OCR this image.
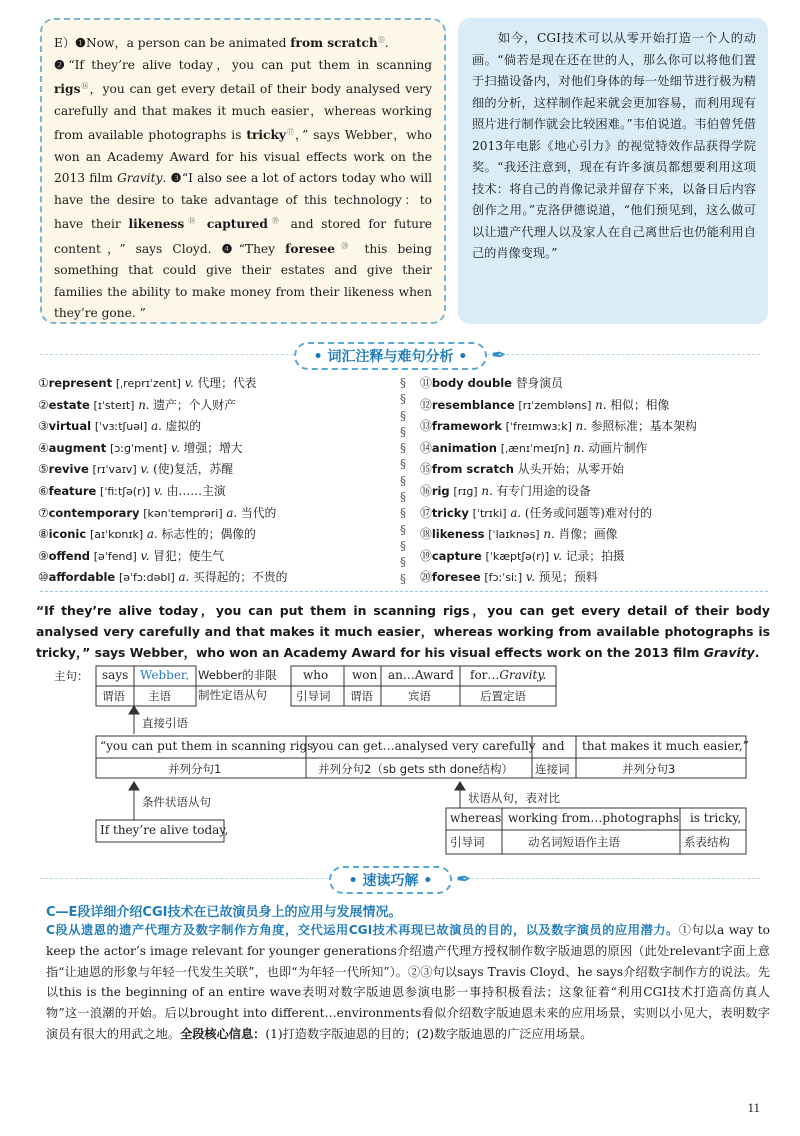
E）❶Now，a person can be animated from scratch⑮.
❷“If they’re alive today，you can put them in scanning rigs⑯，you can get every detail of their body analysed very carefully and that makes it much easier，whereas working from available photographs is tricky⑰，” says Webber，who won an Academy Award for his visual effects work on the 2013 film Gravity. ❸“I also see a lot of actors today who will have the desire to take advantage of this technology：to have their likeness⑱ captured⑲ and stored for future content，” says Cloyd. ❹“They foresee⑳ this being something that could give their estates and give their families the ability to make money from their likeness when they’re gone. ”
　　如今，CGI技术可以从零开始打造一个人的动画。“倘若是现在还在世的人，那么你可以将他们置于扫描设备内，对他们身体的每一处细节进行极为精细的分析，这样制作起来就会更加容易，而利用现有照片进行制作就会比较困难。”韦伯说道。韦伯曾凭借2013年电影《地心引力》的视觉特效作品获得学院奖。“我还注意到，现在有许多演员都想要利用这项技术：将自己的肖像记录并留存下来，以备日后内容创作之用。”克洛伊德说道，“他们预见到，这么做可以让遗产代理人以及家人在自己离世后也仍能利用自己的肖像变现。”
• 词汇注释与难句分析 • ✒
①represent [ˌreprɪˈzent] v. 代理；代表
②estate [ɪˈsteɪt] n. 遗产；个人财产
③virtual [ˈvɜːtʃuəl] a. 虚拟的
④augment [ɔːɡˈment] v. 增强；增大
⑤revive [rɪˈvaɪv] v. (使)复活，苏醒
⑥feature [ˈfiːtʃə(r)] v. 由……主演
⑦contemporary [kənˈtemprəri] a. 当代的
⑧iconic [aɪˈkɒnɪk] a. 标志性的；偶像的
⑨offend [əˈfend] v. 冒犯；使生气
⑩affordable [əˈfɔːdəbl] a. 买得起的；不贵的
§
§
§
§
§
§
§
§
§
§
§
§
§
⑪body double 替身演员
⑫resemblance [rɪˈzembləns] n. 相似；相像
⑬framework [ˈfreɪmwɜːk] n. 参照标准；基本架构
⑭animation [ˌænɪˈmeɪʃn] n. 动画片制作
⑮from scratch 从头开始；从零开始
⑯rig [rɪɡ] n. 有专门用途的设备
⑰tricky [ˈtrɪki] a. (任务或问题等)难对付的
⑱likeness [ˈlaɪknəs] n. 肖像；画像
⑲capture [ˈkæptʃə(r)] v. 记录；拍摄
⑳foresee [fɔːˈsiː] v. 预见；预料
“If they’re alive today，you can put them in scanning rigs，you can get every detail of their body analysed very carefully and that makes it much easier，whereas working from available photographs is tricky，” says Webber，who won an Academy Award for his visual effects work on the 2013 film Gravity.
主句： says
谓语
Webber,
主语
Webber的非限
制性定语从句
who
引导词
won
谓语
an…Award
宾语
for…Gravity.
后置定语
直接引语
“you can put them in scanning rigs,
并列分句1
you can get…analysed very carefully
并列分句2（sb gets sth done结构）
and
连接词
that makes it much easier,”
并列分句3
条件状语从句
If they’re alive today,
状语从句，表对比
whereas
引导词
working from…photographs
动名词短语作主语
is tricky,
系表结构
• 速读巧解 • ✒
C—E段详细介绍CGI技术在已故演员身上的应用与发展情况。
C段从遗恩的遗产代理方及数字制作方角度，交代运用CGI技术再现已故演员的目的，以及数字演员的应用潜力。①句以a way to keep the actor’s image relevant for younger generations介绍遗产代理方授权制作数字版迪恩的原因（此处relevant字面上意指“让迪恩的形象与年轻一代发生关联”，也即“为年轻一代所知”）。②③句以says Travis Cloyd、he says介绍数字制作方的说法。先以this is the beginning of an entire wave表明对数字版迪恩参演电影一事持积极看法；这象征着“利用CGI技术打造高仿真人物”这一浪潮的开始。后以brought into different…environments看似介绍数字版迪恩未来的应用场景，实则以小见大，表明数字演员有很大的用武之地。全段核心信息：(1)打造数字版迪恩的目的；(2)数字版迪恩的广泛应用场景。
11
